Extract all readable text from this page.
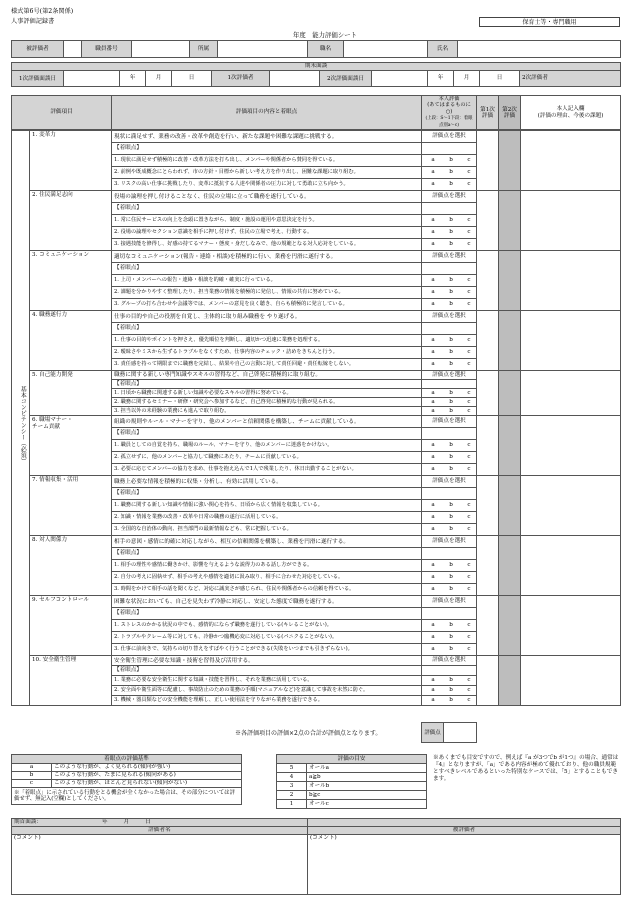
様式第6号(第2条関係)
人事評価記録書	保育士等・専門職用
年度　能力評価シート
被評価者		職員番号		所属		職名		氏名	
期末面談
1次評価面談日		年	月	日	1次評価者		2次評価面談日		年	月	日	2次評価者
評価項目	評価項目の内容と着眼点	本人評価
(あてはまるものに○)
(上段：S～1下段：着眼点別a～c)	第1次評価	第2次評価	本人記入欄
(評価の理由、今後の課題)
	1. 変革力	現状に満足せず、業務の改善・改革や創造を行い、新たな課題や困難な課題に挑戦する。	評価点を選択			
		【着眼点】				
		1. 現状に満足せず積極的に改善・改革方法を打ち出し、メンバーや関係者から賛同を得ている。	a b c			
		2. 前例や既成概念にとらわれず、市の方針・目標から新しい考え方を作り出し、困難な課題に取り組む。	a b c			
		3. リスクの高い仕事に挑戦したり、変革に抵抗する人達や関係者の圧力に対して勇敢に立ち向かう。	a b c			
	2. 住民満足志向	役場の論理を押し付けることなく、住民の立場に立って職務を遂行している。	評価点を選択			
		【着眼点】				
		1. 常に住民サービスの向上を念頭に置きながら、制度・施設の運用や意思決定を行う。	a b c			
		2. 役場の論理やセクション意識を相手に押し付けず、住民の立場で考え、行動する。	a b c			
		3. 接遇技能を修得し、好感の持てるマナー・態度・身だしなみで、他の規範となる対人応対をしている。	a b c			
	3. コミュニケーション	適切なコミュニケーション(報告・連絡・相談)を積極的に行い、業務を円滑に遂行する。	評価点を選択			
		【着眼点】				
		1. 上司・メンバーへの報告・連絡・相談を的確・確実に行っている。	a b c			
		2. 課題を分かりやすく整理したり、担当業務の情報を積極的に発信し、情報の共有に努めている。	a b c			
		3. グループの打ち合わせや会議等では、メンバーの意見を良く聴き、自らも積極的に発言している。	a b c			
	4. 職務遂行力	仕事の目的や自己の役割を自覚し、主体的に取り組み職務を やり遂げる。	評価点を選択			
		【着眼点】				
		1. 仕事の目的やポイントを押さえ、優先順位を判断し、適切かつ迅速に業務を処理する。	a b c			
		2. 曖昧さやミスから生ずるトラブルをなくすため、仕事内容のチェック・詰めをきちんと行う。	a b c			
		3. 責任感を持って期限までに職務を完結し、結果や自己の言動に対して責任回避・責任転嫁をしない。	a b c			
	5. 自己能力開発	職務に関する新しい専門知識やスキルの習得など、自己啓発に積極的に取り組む。	評価点を選択			
		【着眼点】				
		1. 日頃から職務に関連する新しい知識や必要なスキルの習得に努めている。	a b c			
		2. 職務に関するセミナー・研修・研究会へ参加するなど、自己啓発に積極的な行動が見られる。	a b c			
		3. 担当以外の未経験の業務にも進んで取り組む。	a b c			
	6. 職場マナー・
チーム貢献	組織の規則やルール・マナーを守り、他のメンバーと信頼関係を構築し、チームに貢献している。	評価点を選択			
		【着眼点】				
		1. 職員としての自覚を持ち、職場のルール、マナーを守り、他のメンバーに迷惑をかけない。	a b c			
		2. 孤立せずに、他のメンバーと協力して職務にあたり、チームに貢献している。	a b c			
		3. 必要に応じてメンバーの協力を求め、仕事を抱え込んで1人で残業したり、休日出勤することがない。	a b c			
	7. 情報収集・活用	職務上必要な情報を積極的に収集・分析し、有効に活用している。	評価点を選択			
		【着眼点】				
		1. 職務に関する新しい知識や情報に強い関心を持ち、日頃から広く情報を収集している。	a b c			
		2. 知識・情報を業務の改善・改革や日常の職務の遂行に活用している。	a b c			
		3. 全国的な自治体の動向、担当部門の最新情報なども、常に把握している。	a b c			
	8. 対人関係力	相手の意図・感情に的確に対応しながら、相互の信頼関係を構築し、業務を円滑に遂行する。	評価点を選択			
		【着眼点】				
		1. 相手の理性や感情に働きかけ、影響を与えるような説得力のある話し方ができる。	a b c			
		2. 自分の考えに固執せず、相手の考えや感情を適切に汲み取り、相手に合わせた対応をしている。	a b c			
		3. 時間をかけて相手の話を聞くなど、対応に誠実さが感じられ、住民や関係者からの信頼を得ている。	a b c			
	9. セルフコントロール	困難な状況においても、自己を見失わず冷静に対応し、安定した態度で職務を遂行する。	評価点を選択			
		【着眼点】				
		1. ストレスのかかる状況の中でも、感情的にならず職務を遂行している(キレることがない)。	a b c			
		2. トラブルやクレーム等に対しても、冷静かつ臨機応変に対応している(パニクることがない)。	a b c			
		3. 仕事に前向きで、気持ちの切り替えをすばやく行うことができる(失敗をいつまでも引きずらない)。	a b c			
	10. 安全衛生管理	安全衛生管理に必要な知識・技術を習得及び活用する。	評価点を選択			
		【着眼点】				
		1. 業務に必要な安全衛生に関する知識・技能を習得し、それを業務に活用している。	a b c			
		2. 安全面や衛生面等に配慮し、事故防止のための業務の手順(マニュアルなど)を意識して事故を未然に防ぐ。	a b c			
		3. 機械・器具類などの安全機能を理解し、正しい使用法を守りながら業務を遂行できる。	a b c			
基本コンピテンシー（必須）
※各評価項目の評価×2点の合計が評価点となります。	評価点	
着眼点の評価基準	
a	このような行動が、よく見られる(傾向が強い)
b	このような行動が、たまに見られる(傾向がある)
c	このような行動が、ほとんど見られない(傾向がない)
※「着眼点」に示されている行動をとる機会が全くなかった場合は、その部分については評価せず、無記入(空欄)としてください。	
評価の目安	
5	オールa
4	a≧b
3	オールb
2	b≧c
1	オールc
※あくまでも目安ですので、例えば『a が3つでb が1つ』の場合、通常は『4』となりますが、「a」である内容が極めて優れており、他の職員規範とすべきレベルであるといった特別なケースでは、「5」とすることもできます。
期首面談： 年 月 日	
評価者名	被評価者
(コメント)	(コメント)
